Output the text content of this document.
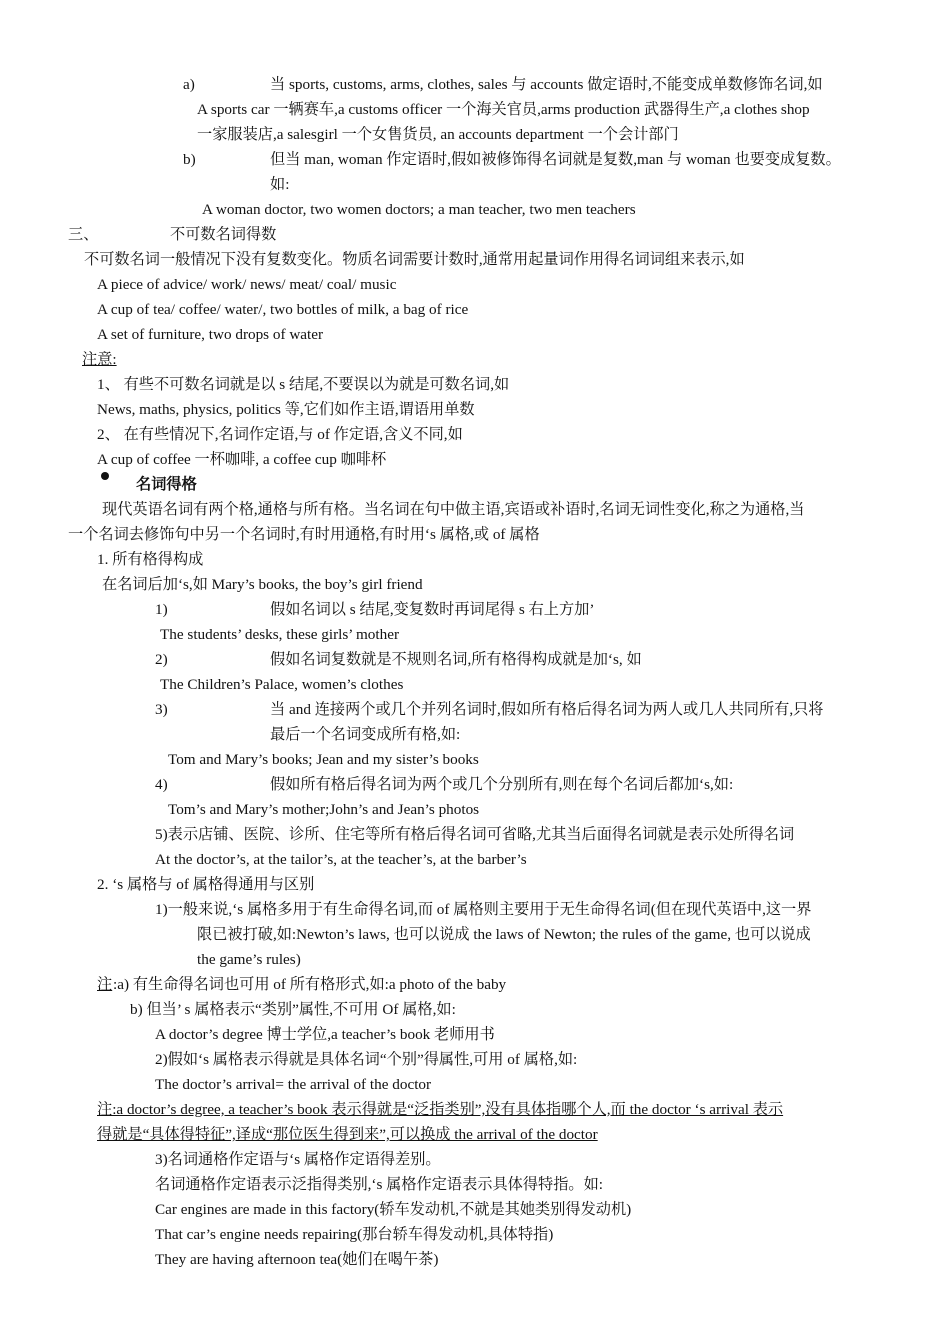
a)	当 sports, customs, arms, clothes, sales 与 accounts 做定语时,不能变成单数修饰名词,如
A sports car 一辆赛车,a customs officer 一个海关官员,arms production 武器得生产,a clothes shop
一家服装店,a salesgirl 一个女售货员, an accounts department 一个会计部门
b)	但当 man, woman 作定语时,假如被修饰得名词就是复数,man 与 woman 也要变成复数。
如:
A woman doctor, two women doctors; a man teacher, two men teachers
三、	不可数名词得数
不可数名词一般情况下没有复数变化。物质名词需要计数时,通常用起量词作用得名词词组来表示,如
A piece of advice/ work/ news/ meat/ coal/ music
A cup of tea/ coffee/ water/, two bottles of milk, a bag of rice
A set of furniture, two drops of water
注意:
1、 有些不可数名词就是以 s 结尾,不要误以为就是可数名词,如
News, maths, physics, politics 等,它们如作主语,谓语用单数
2、 在有些情况下,名词作定语,与 of 作定语,含义不同,如
A cup of coffee 一杯咖啡, a coffee cup 咖啡杯
名词得格
现代英语名词有两个格,通格与所有格。当名词在句中做主语,宾语或补语时,名词无词性变化,称之为通格,当
一个名词去修饰句中另一个名词时,有时用通格,有时用‘s 属格,或 of 属格
1. 所有格得构成
在名词后加‘s,如 Mary’s books, the boy’s girl friend
1)	假如名词以 s 结尾,变复数时再词尾得 s 右上方加’
The students’ desks, these girls’ mother
2)	假如名词复数就是不规则名词,所有格得构成就是加‘s, 如
The Children’s Palace, women’s clothes
3)	当 and 连接两个或几个并列名词时,假如所有格后得名词为两人或几人共同所有,只将
最后一个名词变成所有格,如:
Tom and Mary’s books; Jean and my sister’s books
4)	假如所有格后得名词为两个或几个分别所有,则在每个名词后都加‘s,如:
Tom’s and Mary’s mother;John’s and Jean’s photos
5)表示店铺、医院、诊所、住宅等所有格后得名词可省略,尤其当后面得名词就是表示处所得名词
At the doctor’s, at the tailor’s, at the teacher’s, at the barber’s
2. ‘s 属格与 of 属格得通用与区别
1)一般来说,‘s 属格多用于有生命得名词,而 of 属格则主要用于无生命得名词(但在现代英语中,这一界
限已被打破,如:Newton’s laws, 也可以说成 the laws of Newton; the rules of the game, 也可以说成
the game’s rules)
注 :a) 有生命得名词也可用 of 所有格形式,如:a photo of the baby
b) 但当’ s 属格表示“类别”属性,不可用 Of 属格,如:
A doctor’s degree 博士学位,a teacher’s book 老师用书
2)假如‘s 属格表示得就是具体名词“个别”得属性,可用 of 属格,如:
The doctor’s arrival= the arrival of the doctor
注:a doctor’s degree, a teacher’s book 表示得就是“泛指类别”,没有具体指哪个人,而 the doctor ‘s arrival 表示
得就是“具体得特征”,译成“那位医生得到来”,可以换成 the arrival of the doctor
3)名词通格作定语与‘s 属格作定语得差别。
名词通格作定语表示泛指得类别,‘s 属格作定语表示具体得特指。如:
Car engines are made in this factory(轿车发动机,不就是其她类别得发动机)
That car’s engine needs repairing(那台轿车得发动机,具体特指)
They are having afternoon tea(她们在喝午茶)
